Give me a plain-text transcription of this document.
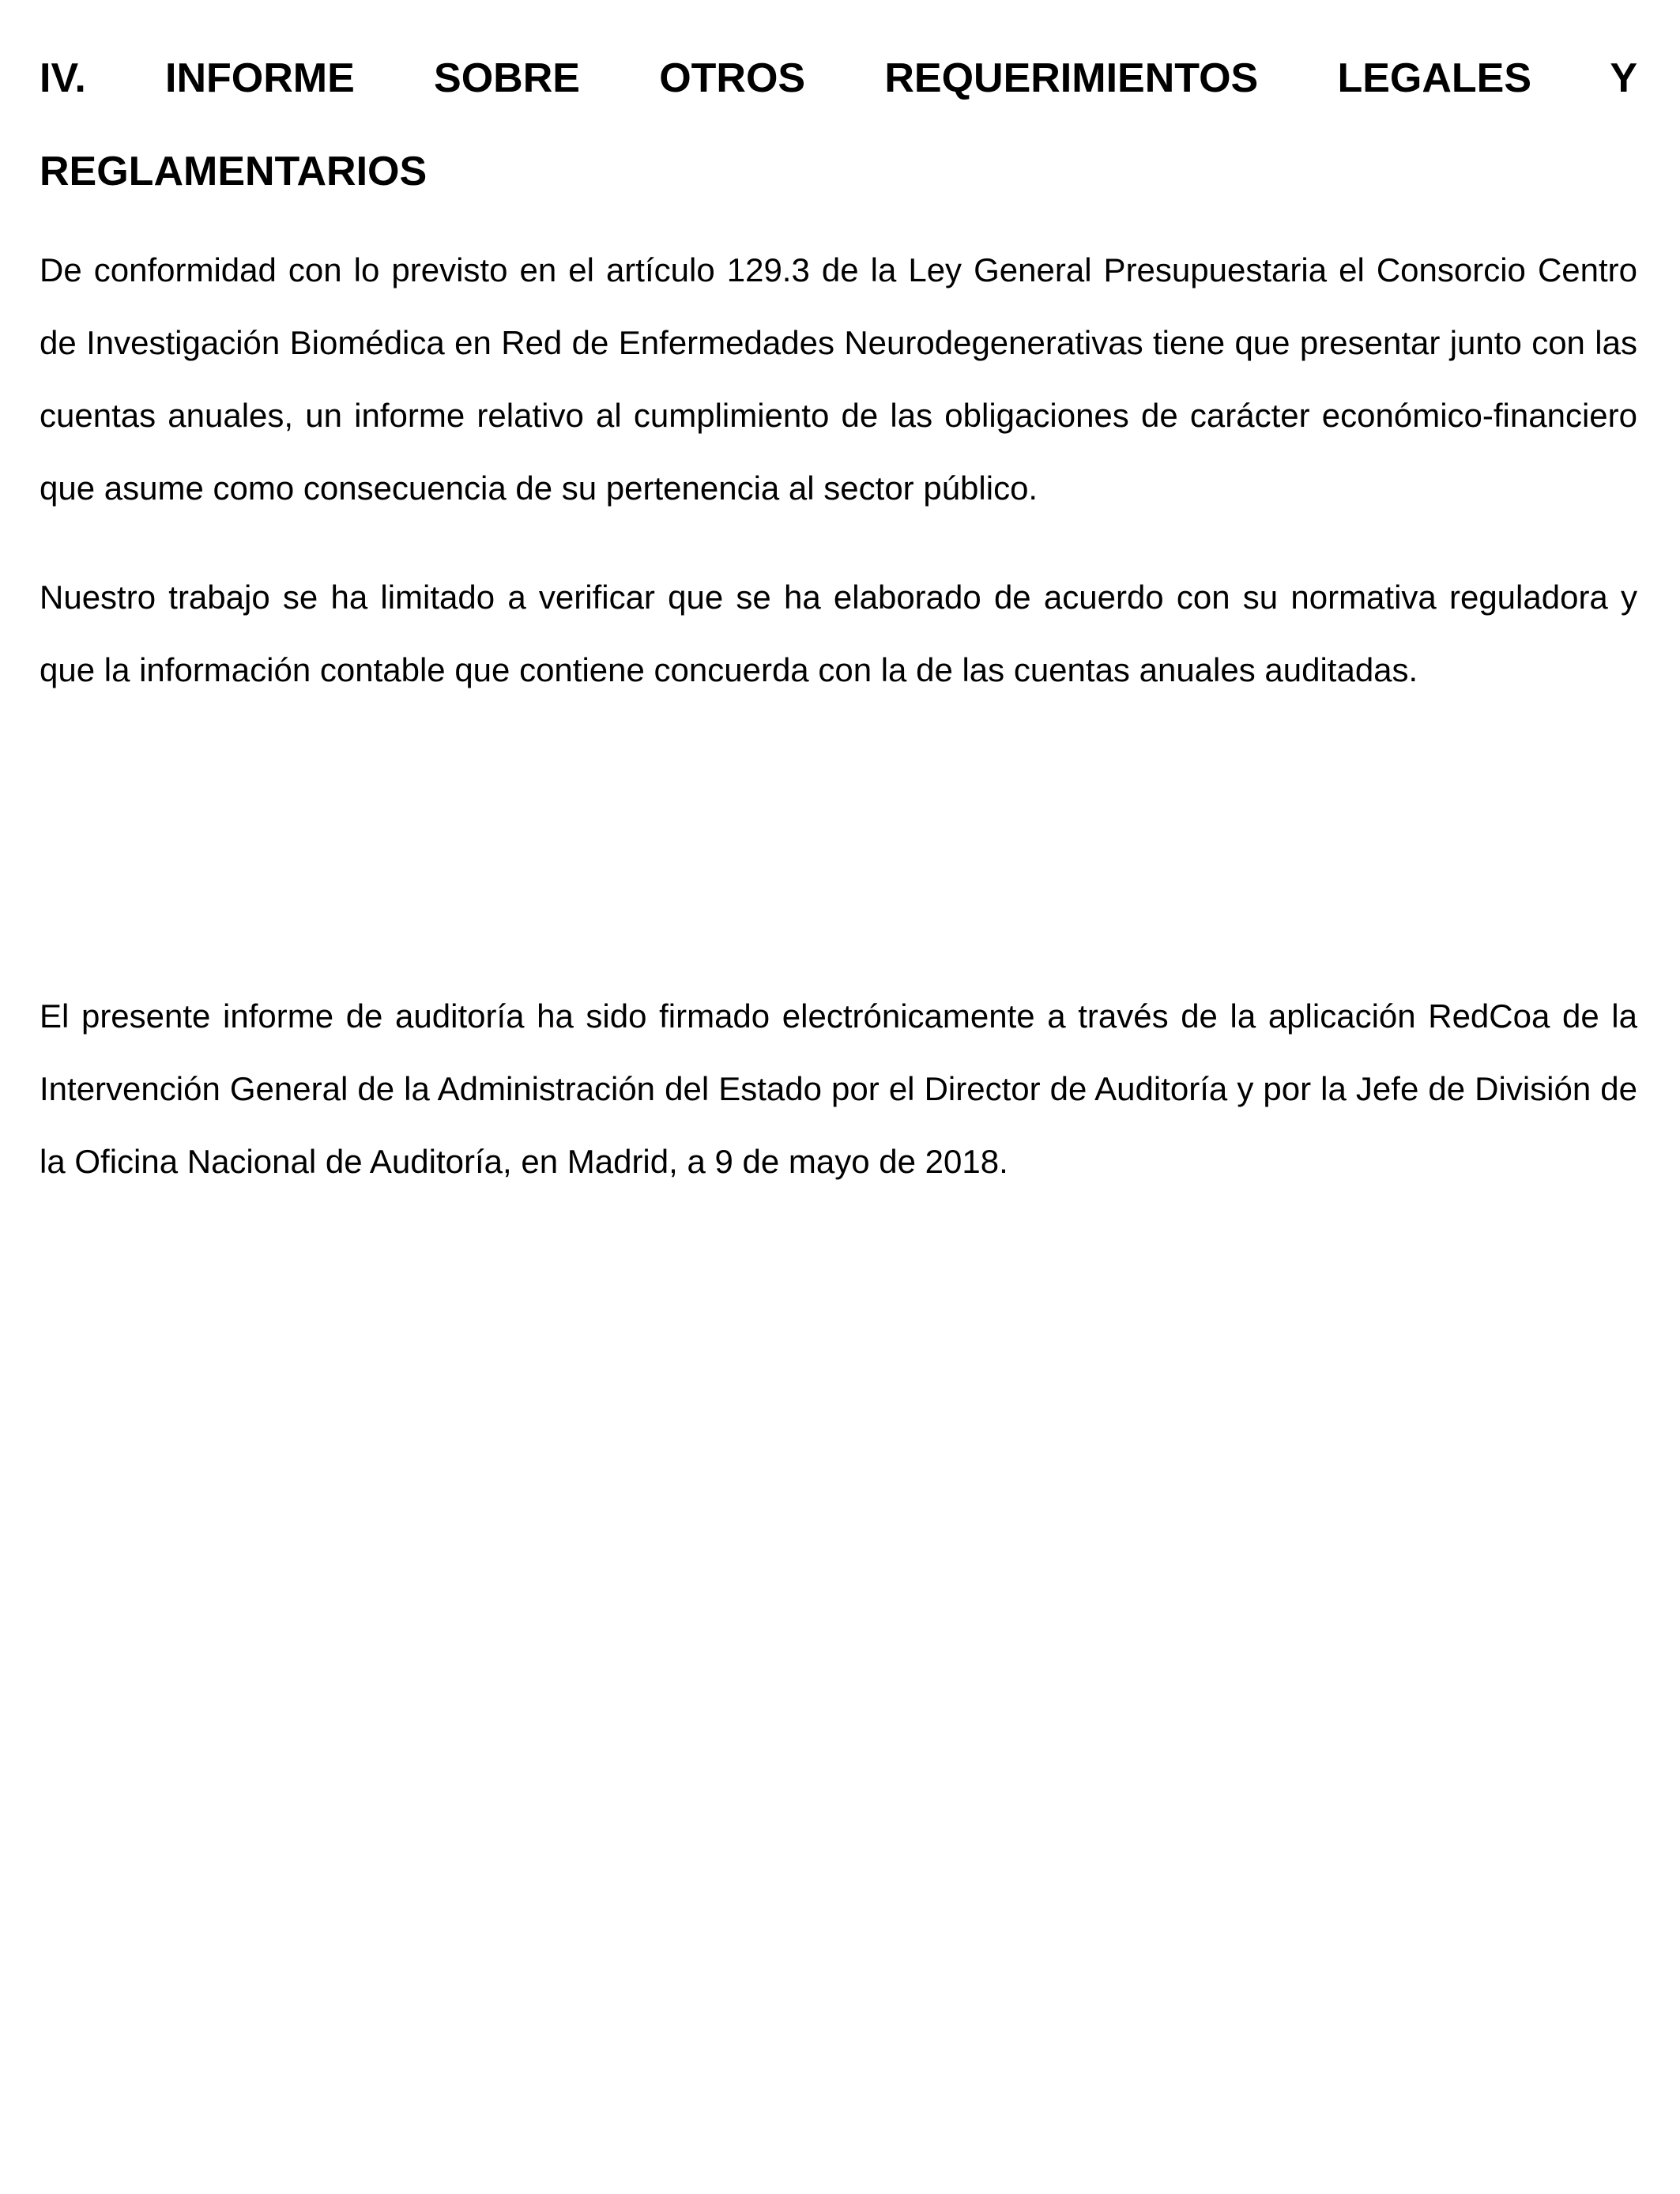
IV. INFORME SOBRE OTROS REQUERIMIENTOS LEGALES Y
REGLAMENTARIOS

De conformidad con lo previsto en el artículo 129.3 de la Ley General Presupuestaria el Consorcio Centro de Investigación Biomédica en Red de Enfermedades Neurodegenerativas tiene que presentar junto con las cuentas anuales, un informe relativo al cumplimiento de las obligaciones de carácter económico-financiero que asume como consecuencia de su pertenencia al sector público.

Nuestro trabajo se ha limitado a verificar que se ha elaborado de acuerdo con su normativa reguladora y que la información contable que contiene concuerda con la de las cuentas anuales auditadas.

El presente informe de auditoría ha sido firmado electrónicamente a través de la aplicación RedCoa de la Intervención General de la Administración del Estado por el Director de Auditoría y por la Jefe de División de la Oficina Nacional de Auditoría, en Madrid, a 9 de mayo de 2018.
